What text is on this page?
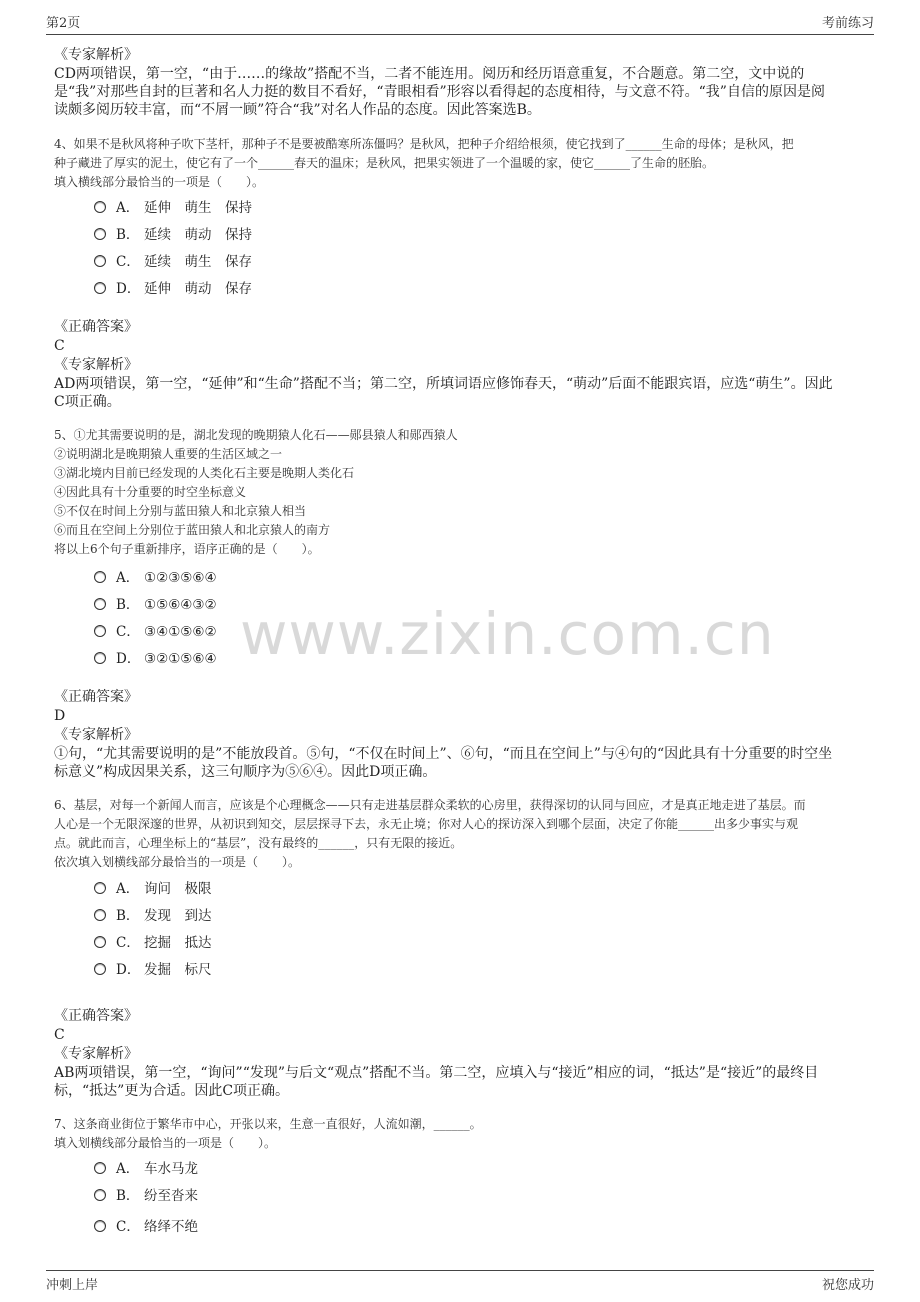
第2页	考前练习
www.zixin.com.cn

《专家解析》

CD两项错误，第一空，“由于……的缘故”搭配不当，二者不能连用。阅历和经历语意重复，不合题意。第二空，文中说的

是“我”对那些自封的巨著和名人力挺的数目不看好，“青眼相看”形容以看得起的态度相待，与文意不符。“我”自信的原因是阅

读颇多阅历较丰富，而“不屑一顾”符合“我”对名人作品的态度。因此答案选B。

4、如果不是秋风将种子吹下茎杆，那种子不是要被酷寒所冻僵吗？是秋风，把种子介绍给根须，使它找到了______生命的母体；是秋风，把

种子藏进了厚实的泥土，使它有了一个______春天的温床；是秋风，把果实领进了一个温暖的家，使它______了生命的胚胎。

填入横线部分最恰当的一项是（　　）。

A． 延伸　萌生　保持
B． 延续　萌动　保持
C． 延续　萌生　保存
D． 延伸　萌动　保存

《正确答案》

C

《专家解析》

AD两项错误，第一空，“延伸”和“生命”搭配不当；第二空，所填词语应修饰春天，“萌动”后面不能跟宾语，应选“萌生”。因此

C项正确。

5、①尤其需要说明的是，湖北发现的晚期猿人化石——郧县猿人和郧西猿人

②说明湖北是晚期猿人重要的生活区域之一

③湖北境内目前已经发现的人类化石主要是晚期人类化石

④因此具有十分重要的时空坐标意义

⑤不仅在时间上分别与蓝田猿人和北京猿人相当

⑥而且在空间上分别位于蓝田猿人和北京猿人的南方

将以上6个句子重新排序，语序正确的是（　　）。

A． ①②③⑤⑥④
B． ①⑤⑥④③②
C． ③④①⑤⑥②
D． ③②①⑤⑥④

《正确答案》

D

《专家解析》

①句，“尤其需要说明的是”不能放段首。⑤句，“不仅在时间上”、⑥句，“而且在空间上”与④句的“因此具有十分重要的时空坐

标意义”构成因果关系，这三句顺序为⑤⑥④。因此D项正确。

6、基层，对每一个新闻人而言，应该是个心理概念——只有走进基层群众柔软的心房里，获得深切的认同与回应，才是真正地走进了基层。而

人心是一个无限深邃的世界，从初识到知交，层层探寻下去，永无止境；你对人心的探访深入到哪个层面，决定了你能______出多少事实与观

点。就此而言，心理坐标上的“基层”，没有最终的______，只有无限的接近。

依次填入划横线部分最恰当的一项是（　　）。

A． 询问　极限
B． 发现　到达
C． 挖掘　抵达
D． 发掘　标尺

《正确答案》

C

《专家解析》

AB两项错误，第一空，“询问”“发现”与后文“观点”搭配不当。第二空，应填入与“接近”相应的词，“抵达”是“接近”的最终目

标，“抵达”更为合适。因此C项正确。

7、这条商业街位于繁华市中心，开张以来，生意一直很好，人流如潮，______。

填入划横线部分最恰当的一项是（　　）。

A． 车水马龙
B． 纷至沓来
C． 络绎不绝
冲刺上岸	祝您成功
